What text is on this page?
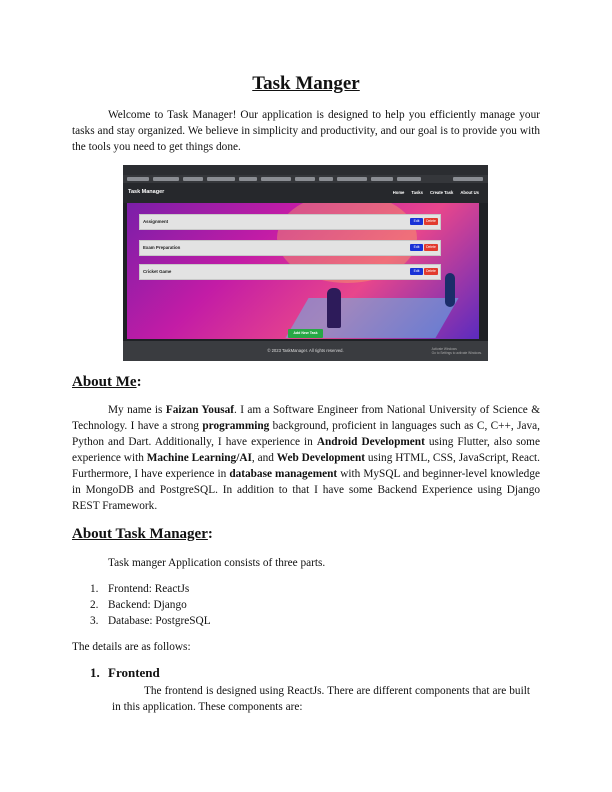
Task Manger
Welcome to Task Manager! Our application is designed to help you efficiently manage your tasks and stay organized. We believe in simplicity and productivity, and our goal is to provide you with the tools you need to get things done.
Task Manager	Home Tasks Create Task About Us
Assignment	Edit	Delete
Exam Preparation	Edit	Delete
Cricket Game	Edit	Delete
Add New Task
© 2023 TaskManager. All rights reserved.	Activate Windows
Go to Settings to activate Windows.
About Me:
My name is Faizan Yousaf. I am a Software Engineer from National University of Science & Technology. I have a strong programming background, proficient in languages such as C, C++, Java, Python and Dart. Additionally, I have experience in Android Development using Flutter, also some experience with Machine Learning/AI, and Web Development using HTML, CSS, JavaScript, React. Furthermore, I have experience in database management with MySQL and beginner-level knowledge in MongoDB and PostgreSQL. In addition to that I have some Backend Experience using Django REST Framework.
About Task Manager:
Task manger Application consists of three parts.
1. Frontend: ReactJs
2. Backend: Django
3. Database: PostgreSQL
The details are as follows:
1. Frontend
The frontend is designed using ReactJs. There are different components that are built in this application. These components are:
